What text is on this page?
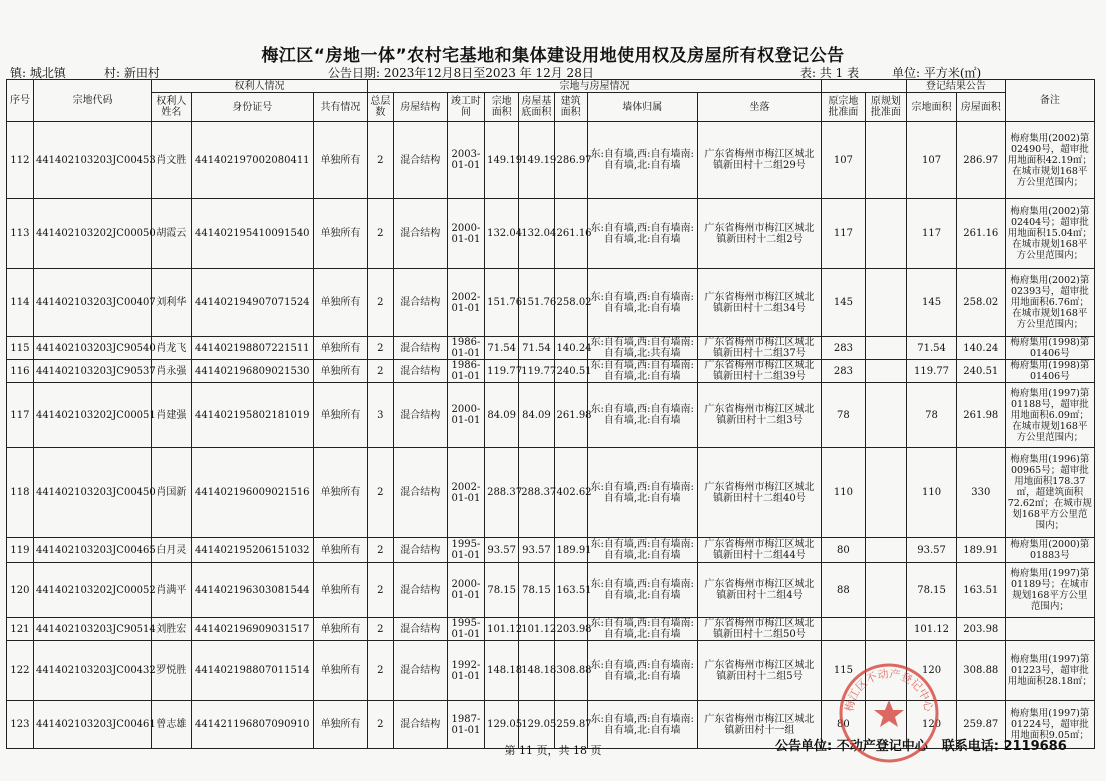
梅江区“房地一体”农村宅基地和集体建设用地使用权及房屋所有权登记公告
镇: 城北镇	村: 新田村	公告日期: 2023年12月8日至2023 年 12月 28日	表: 共 1 表	单位: 平方米(㎡)
序号	宗地代码	权利人情况			宗地与房屋情况										登记结果公告		备注
		权利人姓名	身份证号	共有情况	总层数	房屋结构	竣工时间	宗地面积	房屋基底面积	建筑面积	墙体归属	坐落	原宗地批准面	原规划批准面	宗地面积	房屋面积	
112	441402103203JC00453	肖文胜	441402197002080411	单独所有	2	混合结构	2003-01-01	149.19	149.19	286.97	东:自有墙,西:自有墙南:自有墙,北:自有墙	广东省梅州市梅江区城北镇新田村十二组29号	107		107	286.97	梅府集用(2002)第02490号，超审批用地面积42.19㎡；在城市规划168平方公里范围内；
113	441402103202JC00050	胡霞云	441402195410091540	单独所有	2	混合结构	2000-01-01	132.04	132.04	261.16	东:自有墙,西:自有墙南:自有墙,北:自有墙	广东省梅州市梅江区城北镇新田村十二组2号	117		117	261.16	梅府集用(2002)第02404号；超审批用地面积15.04㎡；在城市规划168平方公里范围内；
114	441402103203JC00407	刘利华	441402194907071524	单独所有	2	混合结构	2002-01-01	151.76	151.76	258.02	东:自有墙,西:自有墙南:自有墙,北:自有墙	广东省梅州市梅江区城北镇新田村十二组34号	145		145	258.02	梅府集用(2002)第02393号，超审批用地面积6.76㎡；在城市规划168平方公里范围内；
115	441402103203JC90540	肖龙飞	441402198807221511	单独所有	2	混合结构	1986-01-01	71.54	71.54	140.24	东:自有墙,西:自有墙南:自有墙,北:共有墙	广东省梅州市梅江区城北镇新田村十二组37号	283		71.54	140.24	梅府集用(1998)第01406号
116	441402103203JC90537	肖永强	441402196809021530	单独所有	2	混合结构	1986-01-01	119.77	119.77	240.51	东:自有墙,西:自有墙南:自有墙,北:自有墙	广东省梅州市梅江区城北镇新田村十二组39号	283		119.77	240.51	梅府集用(1998)第01406号
117	441402103202JC00051	肖建强	441402195802181019	单独所有	3	混合结构	2000-01-01	84.09	84.09	261.98	东:自有墙,西:自有墙南:自有墙,北:自有墙	广东省梅州市梅江区城北镇新田村十二组3号	78		78	261.98	梅府集用(1997)第01188号，超审批用地面积6.09㎡；在城市规划168平方公里范围内；
118	441402103203JC00450	肖国新	441402196009021516	单独所有	2	混合结构	2002-01-01	288.37	288.37	402.62	东:自有墙,西:自有墙南:自有墙,北:自有墙	广东省梅州市梅江区城北镇新田村十二组40号	110		110	330	梅府集用(1996)第00965号；超审批用地面积178.37㎡，超建筑面积72.62㎡；在城市规划168平方公里范围内；
119	441402103203JC00465	白月灵	441402195206151032	单独所有	2	混合结构	1995-01-01	93.57	93.57	189.91	东:自有墙,西:自有墙南:自有墙,北:自有墙	广东省梅州市梅江区城北镇新田村十二组44号	80		93.57	189.91	梅府集用(2000)第01883号
120	441402103202JC00052	肖满平	441402196303081544	单独所有	2	混合结构	2000-01-01	78.15	78.15	163.51	东:自有墙,西:自有墙南:自有墙,北:自有墙	广东省梅州市梅江区城北镇新田村十二组4号	88		78.15	163.51	梅府集用(1997)第01189号；在城市规划168平方公里范围内；
121	441402103203JC90514	刘胜宏	441402196909031517	单独所有	2	混合结构	1995-01-01	101.12	101.12	203.98	东:自有墙,西:自有墙南:自有墙,北:自有墙	广东省梅州市梅江区城北镇新田村十二组50号			101.12	203.98	
122	441402103203JC00432	罗悦胜	441402198807011514	单独所有	2	混合结构	1992-01-01	148.18	148.18	308.88	东:自有墙,西:自有墙南:自有墙,北:自有墙	广东省梅州市梅江区城北镇新田村十二组5号	115		120	308.88	梅府集用(1997)第01223号，超审批用地面积28.18㎡；
123	441402103203JC00461	曾志雄	441421196807090910	单独所有	2	混合结构	1987-01-01	129.05	129.05	259.87	东:自有墙,西:自有墙南:自有墙,北:自有墙	广东省梅州市梅江区城北镇新田村十一组	80		120	259.87	梅府集用(1997)第01224号，超审批用地面积9.05㎡；
第 11 页，共 18 页	公告单位: 不动产登记中心 联系电话: 2119686
梅江区不动产登记中心
